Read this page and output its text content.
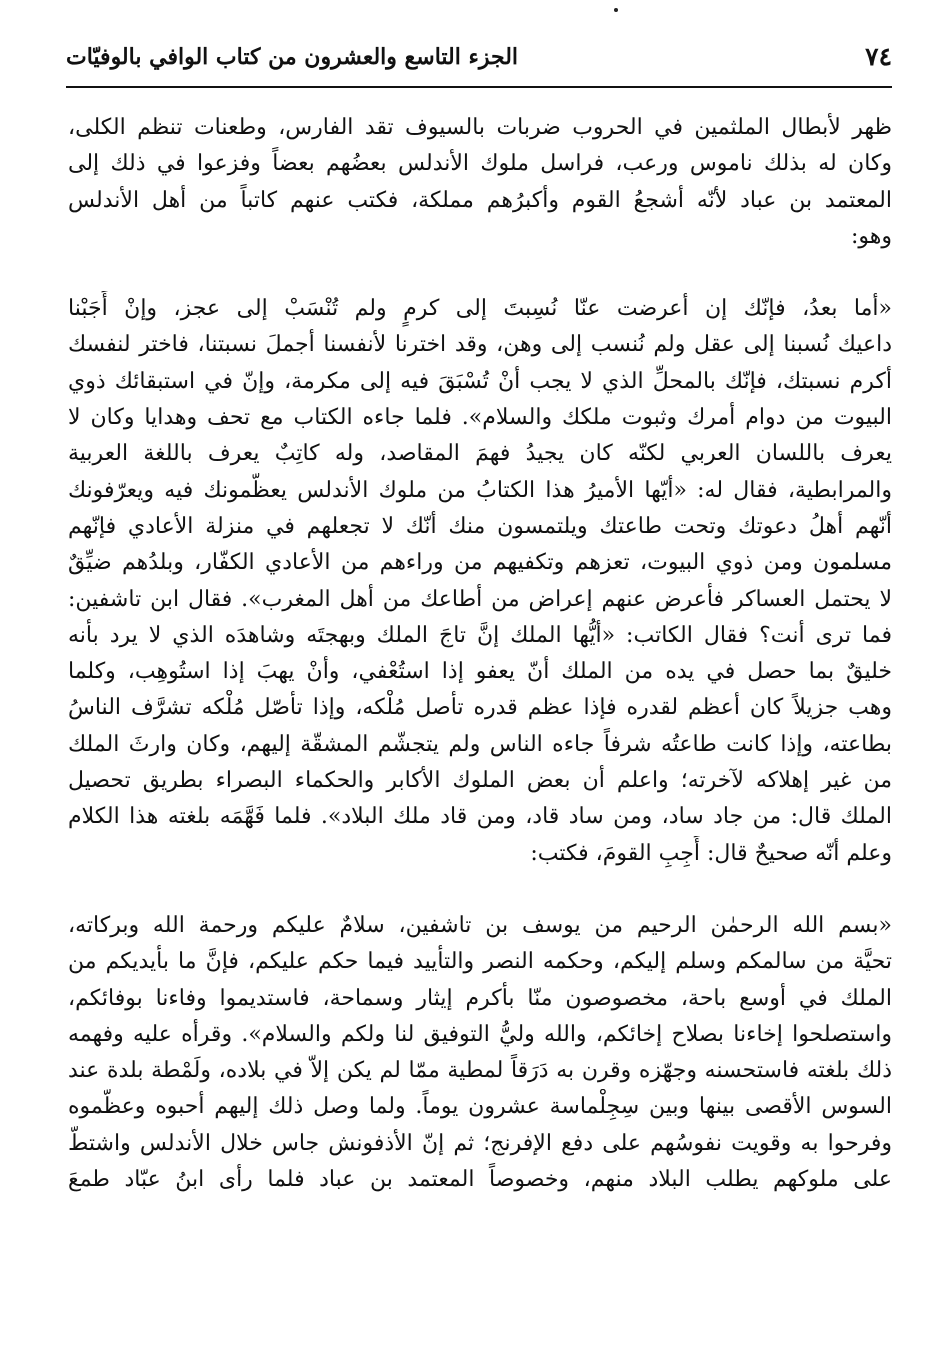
٧٤
الجزء التاسع والعشرون من كتاب الوافي بالوفيّات

ظهر لأبطال الملثمين في الحروب ضربات بالسيوف تقد الفارس، وطعنات تنظم الكلى،
وكان له بذلك ناموس ورعب، فراسل ملوك الأندلس بعضُهم بعضاً وفزعوا في ذلك إلى
المعتمد بن عباد لأنّه أشجعُ القوم وأكبرُهم مملكة، فكتب عنهم كاتباً من أهل الأندلس
وهو:

«أما بعدُ، فإنّك إن أعرضت عنّا نُسِبتَ إلى كرمٍ ولم تُنْسَبْ إلى عجز، وإنْ أَجَبْنا
داعيك نُسبنا إلى عقل ولم نُنسب إلى وهن، وقد اخترنا لأنفسنا أجملَ نسبتنا، فاختر لنفسك
أكرم نسبتك، فإنّك بالمحلِّ الذي لا يجب أنْ تُسْبَقَ فيه إلى مكرمة، وإنّ في استبقائك ذوي
البيوت من دوام أمرك وثبوت ملكك والسلام». فلما جاءه الكتاب مع تحف وهدايا وكان لا
يعرف باللسان العربي لكنّه كان يجيدُ فهمَ المقاصد، وله كاتِبٌ يعرف باللغة العربية
والمرابطية، فقال له: «أيّها الأميرُ هذا الكتابُ من ملوك الأندلس يعظّمونك فيه ويعرّفونك
أنّهم أهلُ دعوتك وتحت طاعتك ويلتمسون منك أنّك لا تجعلهم في منزلة الأعادي فإنّهم
مسلمون ومن ذوي البيوت، تعزهم وتكفيهم من وراءهم من الأعادي الكفّار، وبلدُهم ضيِّقٌ
لا يحتمل العساكر فأعرض عنهم إعراض من أطاعك من أهل المغرب». فقال ابن تاشفين:
فما ترى أنت؟ فقال الكاتب: «أيُّها الملك إنَّ تاجَ الملك وبهجتَه وشاهدَه الذي لا يرد بأنه
خليقٌ بما حصل في يده من الملك أنّ يعفو إذا استُعْفي، وأنْ يهبَ إذا استُوهِب، وكلما
وهب جزيلاً كان أعظم لقدره فإذا عظم قدره تأصل مُلْكه، وإذا تأصّل مُلْكه تشرَّف الناسُ
بطاعته، وإذا كانت طاعتُه شرفاً جاءه الناس ولم يتجشّم المشقّة إليهم، وكان وارثَ الملك
من غير إهلاكه لآخرته؛ واعلم أن بعض الملوك الأكابر والحكماء البصراء بطريق تحصيل
الملك قال: من جاد ساد، ومن ساد قاد، ومن قاد ملك البلاد». فلما فَهَّمَه بلغته هذا الكلام
وعلم أنّه صحيحٌ قال: أَجِبِ القومَ، فكتب:

«بسم الله الرحمٰن الرحيم من يوسف بن تاشفين، سلامٌ عليكم ورحمة الله وبركاته،
تحيَّة من سالمكم وسلم إليكم، وحكمه النصر والتأييد فيما حكم عليكم، فإنَّ ما بأيديكم من
الملك في أوسع باحة، مخصوصون منّا بأكرم إيثار وسماحة، فاستديموا وفاءنا بوفائكم،
واستصلحوا إخاءنا بصلاح إخائكم، والله وليُّ التوفيق لنا ولكم والسلام». وقرأه عليه وفهمه
ذلك بلغته فاستحسنه وجهّزه وقرن به دَرَقاً لمطية ممّا لم يكن إلاّ في بلاده، ولَمْطة بلدة عند
السوس الأقصى بينها وبين سِجِلْماسة عشرون يوماً. ولما وصل ذلك إليهم أحبوه وعظّموه
وفرحوا به وقويت نفوسُهم على دفع الإفرنج؛ ثم إنّ الأذفونش جاس خلال الأندلس واشتطّ
على ملوكهم يطلب البلاد منهم، وخصوصاً المعتمد بن عباد فلما رأى ابنُ عبّاد طمعَ
